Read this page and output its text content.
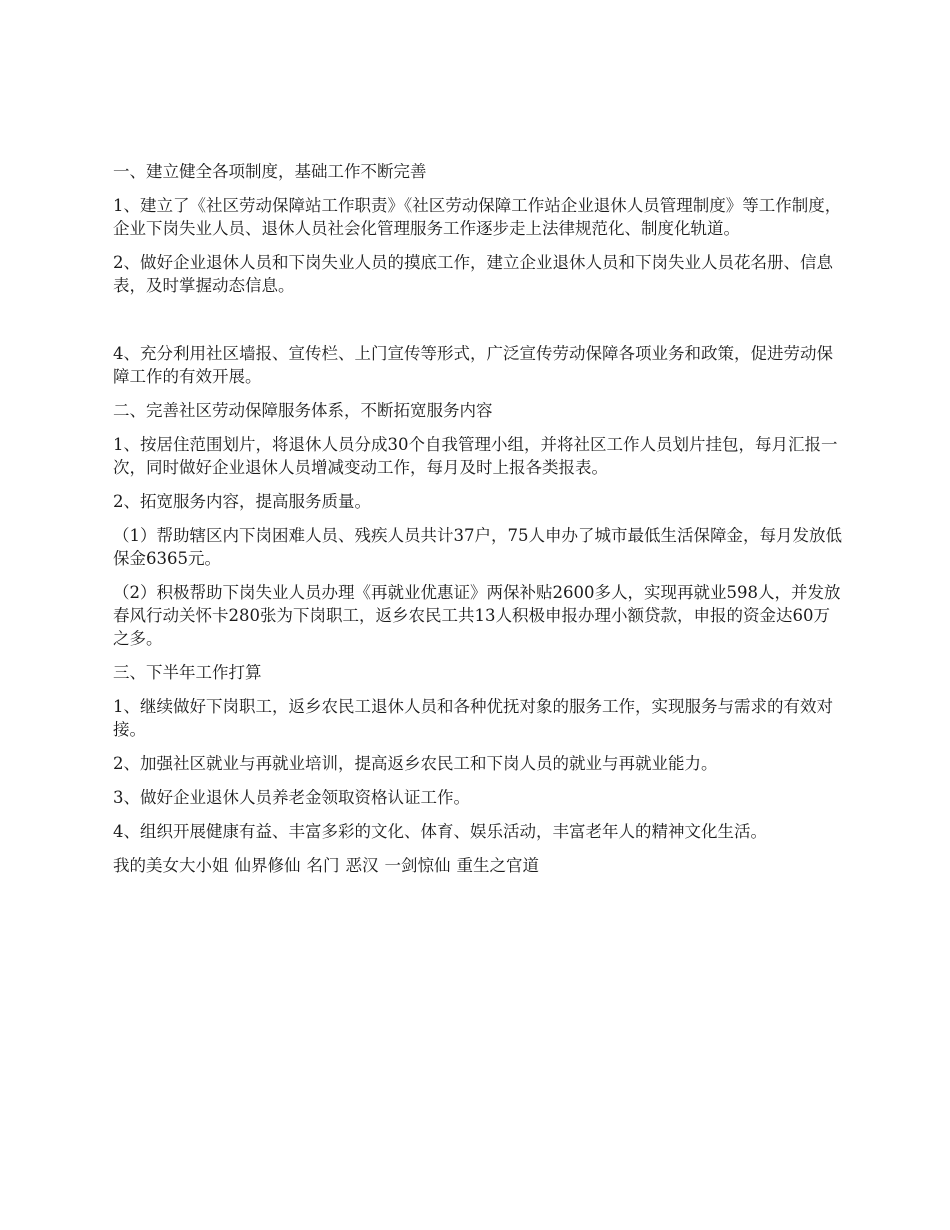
一、建立健全各项制度，基础工作不断完善

1、建立了《社区劳动保障站工作职责》《社区劳动保障工作站企业退休人员管理制度》等工作制度，企业下岗失业人员、退休人员社会化管理服务工作逐步走上法律规范化、制度化轨道。

2、做好企业退休人员和下岗失业人员的摸底工作，建立企业退休人员和下岗失业人员花名册、信息表，及时掌握动态信息。

4、充分利用社区墙报、宣传栏、上门宣传等形式，广泛宣传劳动保障各项业务和政策，促进劳动保障工作的有效开展。

二、完善社区劳动保障服务体系，不断拓宽服务内容

1、按居住范围划片，将退休人员分成30个自我管理小组，并将社区工作人员划片挂包，每月汇报一次，同时做好企业退休人员增减变动工作，每月及时上报各类报表。

2、拓宽服务内容，提高服务质量。

（1）帮助辖区内下岗困难人员、残疾人员共计37户，75人申办了城市最低生活保障金，每月发放低保金6365元。

（2）积极帮助下岗失业人员办理《再就业优惠证》两保补贴2600多人，实现再就业598人，并发放春风行动关怀卡280张为下岗职工，返乡农民工共13人积极申报办理小额贷款，申报的资金达60万之多。

三、下半年工作打算

1、继续做好下岗职工，返乡农民工退休人员和各种优抚对象的服务工作，实现服务与需求的有效对接。

2、加强社区就业与再就业培训，提高返乡农民工和下岗人员的就业与再就业能力。

3、做好企业退休人员养老金领取资格认证工作。

4、组织开展健康有益、丰富多彩的文化、体育、娱乐活动，丰富老年人的精神文化生活。

我的美女大小姐 仙界修仙 名门 恶汉 一剑惊仙 重生之官道
